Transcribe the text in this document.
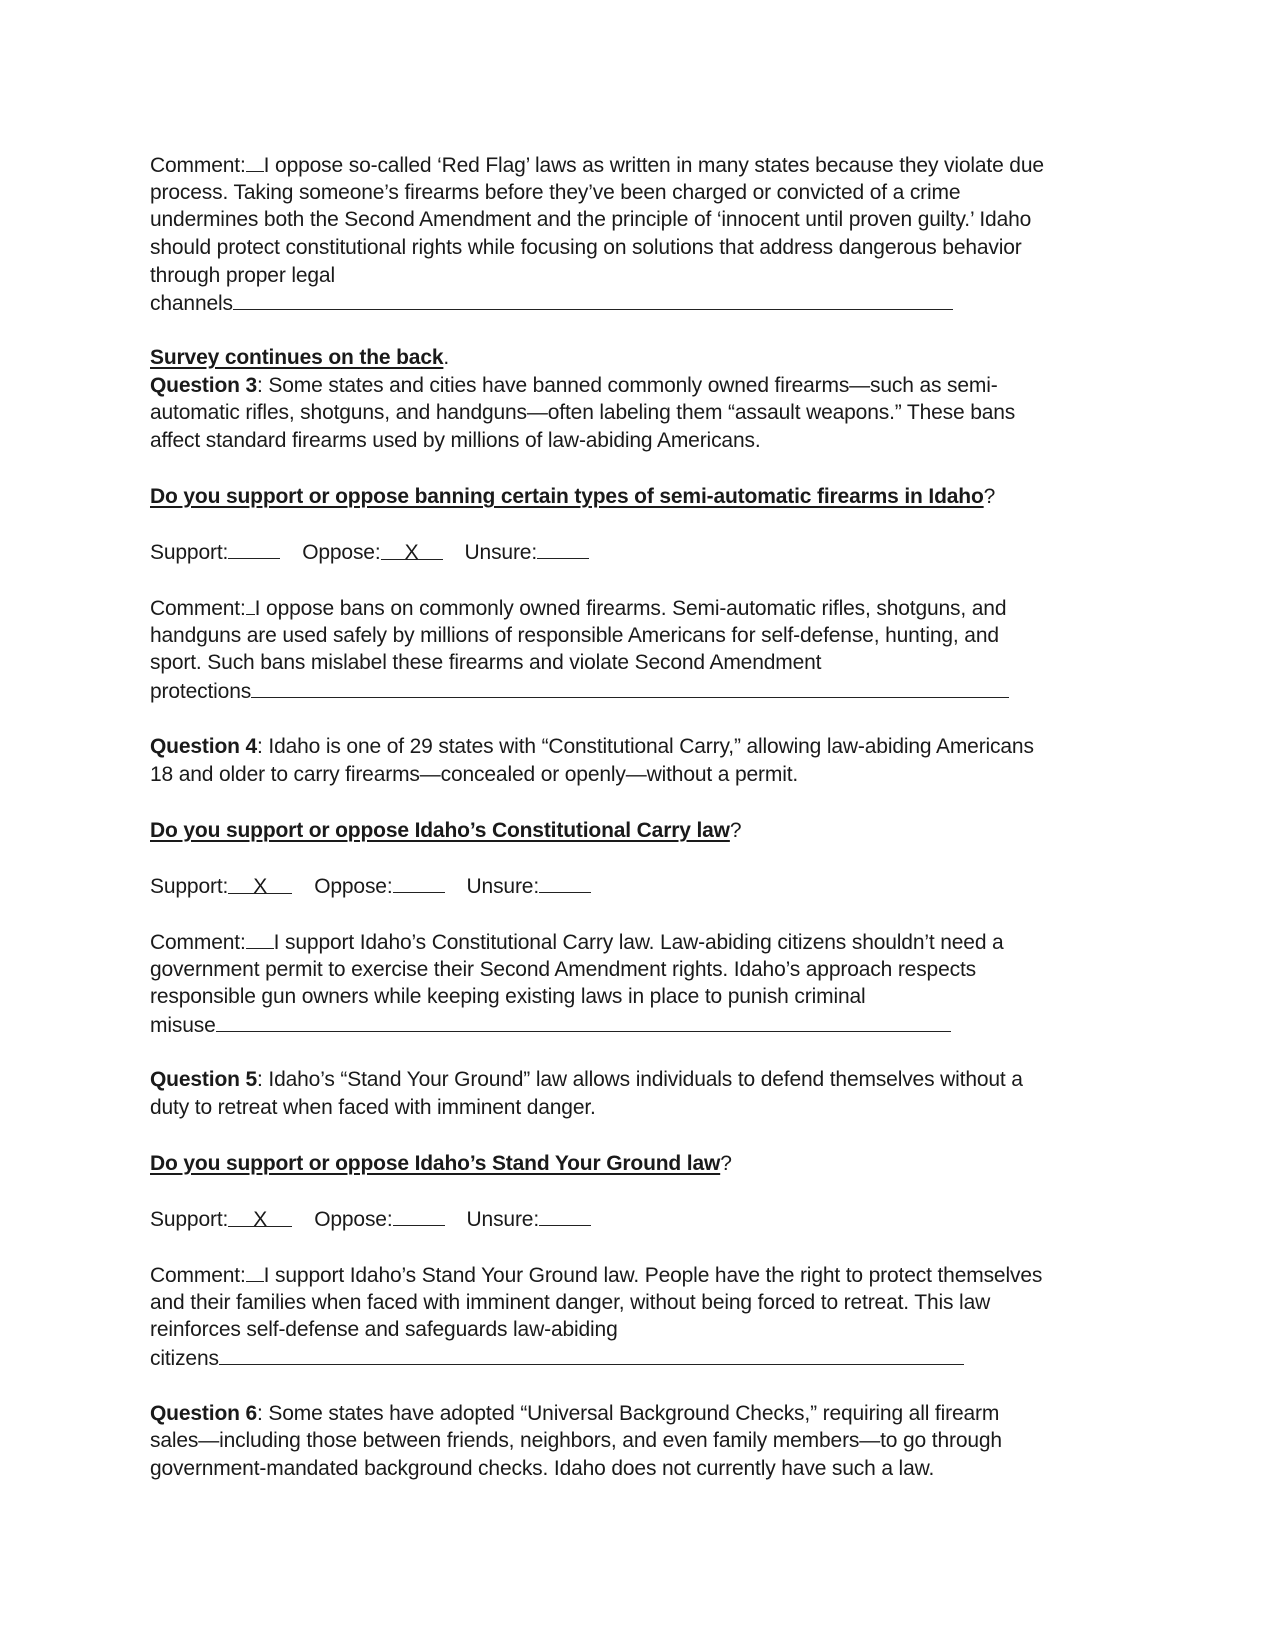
Comment: I oppose so-called ‘Red Flag’ laws as written in many states because they violate due
process. Taking someone’s firearms before they’ve been charged or convicted of a crime
undermines both the Second Amendment and the principle of ‘innocent until proven guilty.’ Idaho
should protect constitutional rights while focusing on solutions that address dangerous behavior
through proper legal
channels
Survey continues on the back.
Question 3: Some states and cities have banned commonly owned firearms—such as semi-
automatic rifles, shotguns, and handguns—often labeling them “assault weapons.” These bans
affect standard firearms used by millions of law-abiding Americans.
Do you support or oppose banning certain types of semi-automatic firearms in Idaho?
Support:	Oppose: X Unsure:
Comment: I oppose bans on commonly owned firearms. Semi-automatic rifles, shotguns, and
handguns are used safely by millions of responsible Americans for self-defense, hunting, and
sport. Such bans mislabel these firearms and violate Second Amendment
protections
Question 4: Idaho is one of 29 states with “Constitutional Carry,” allowing law-abiding Americans
18 and older to carry firearms—concealed or openly—without a permit.
Do you support or oppose Idaho’s Constitutional Carry law?
Support: X Oppose:	Unsure:
Comment: I support Idaho’s Constitutional Carry law. Law-abiding citizens shouldn’t need a
government permit to exercise their Second Amendment rights. Idaho’s approach respects
responsible gun owners while keeping existing laws in place to punish criminal
misuse
Question 5: Idaho’s “Stand Your Ground” law allows individuals to defend themselves without a
duty to retreat when faced with imminent danger.
Do you support or oppose Idaho’s Stand Your Ground law?
Support: X Oppose:	Unsure:
Comment: I support Idaho’s Stand Your Ground law. People have the right to protect themselves
and their families when faced with imminent danger, without being forced to retreat. This law
reinforces self-defense and safeguards law-abiding
citizens
Question 6: Some states have adopted “Universal Background Checks,” requiring all firearm
sales—including those between friends, neighbors, and even family members—to go through
government-mandated background checks. Idaho does not currently have such a law.
